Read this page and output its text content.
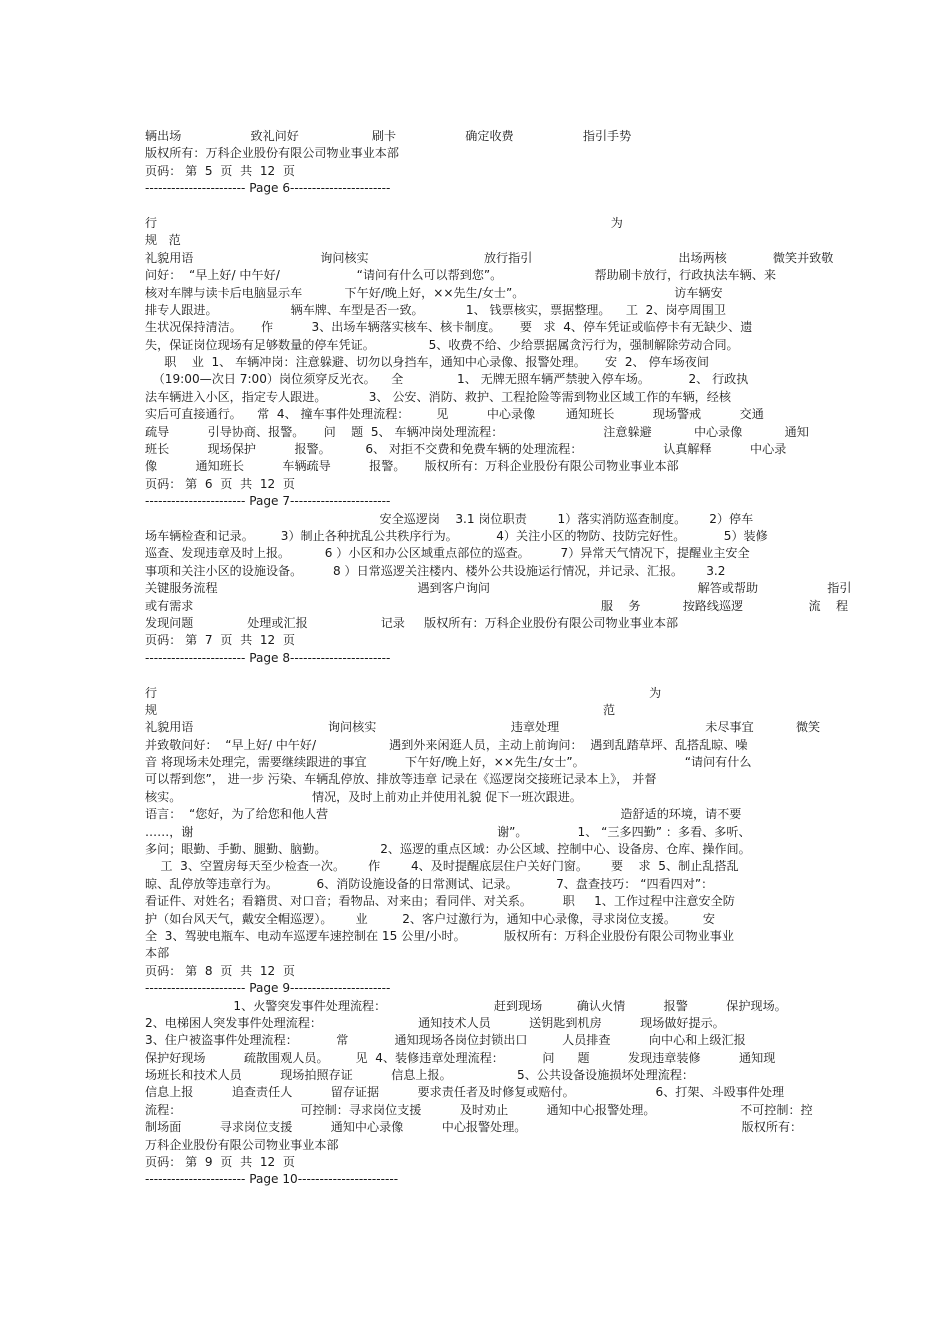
辆出场                  致礼问好                   刷卡                  确定收费                  指引手势
版权所有：万科企业股份有限公司物业事业本部
页码： 第  5  页  共  12  页
----------------------- Page 6-----------------------
行                                                                                                                      为
规   范
礼貌用语                                 询问核实                              放行指引                                      出场两核            微笑并致敬
问好：  “早上好/ 中午好/                    “请问有什么可以帮到您”。                        帮助刷卡放行，行政执法车辆、来
核对车牌与读卡后电脑显示车           下午好/晚上好，××先生/女士”。                                       访车辆安
排专人跟进。                   辆车牌、车型是否一致。           1、 钱票核实，票据整理。    工  2、岗亭周围卫
生状况保持清洁。     作          3、出场车辆落实核车、核卡制度。     要   求  4、停车凭证或临停卡有无缺少、遗
失，保证岗位现场有足够数量的停车凭证。              5、收费不给、少给票据属贪污行为，强制解除劳动合同。
职    业  1、 车辆冲岗：注意躲避、切勿以身挡车，通知中心录像、报警处理。     安  2、 停车场夜间
（19:00—次日 7:00）岗位须穿反光衣。    全              1、 无牌无照车辆严禁驶入停车场。          2、 行政执
法车辆进入小区，指定专人跟进。           3、 公安、消防、救护、工程抢险等需到物业区域工作的车辆，经核
实后可直接通行。    常  4、 撞车事件处理流程：       见          中心录像        通知班长          现场警戒          交通
疏导          引导协商、报警。     问    题  5、 车辆冲岗处理流程：                          注意躲避           中心录像           通知
班长          现场保护          报警。         6、 对拒不交费和免费车辆的处理流程：                     认真解释          中心录
像          通知班长          车辆疏导          报警。     版权所有：万科企业股份有限公司物业事业本部
页码： 第  6  页  共  12  页
----------------------- Page 7-----------------------
安全巡逻岗    3.1 岗位职责        1）落实消防巡查制度。      2）停车
场车辆检查和记录。       3）制止各种扰乱公共秩序行为。          4）关注小区的物防、技防完好性。          5）装修
巡查、发现违章及时上报。         6 ）小区和办公区域重点部位的巡查。        7）异常天气情况下，提醒业主安全
事项和关注小区的设施设备。        8 ）日常巡逻关注楼内、楼外公共设施运行情况，并记录、汇报。      3.2
关键服务流程                                                    遇到客户询问                                                      解答或帮助                  指引
或有需求                                                                                                          服    务           按路线巡逻                 流    程
发现问题              处理或汇报                   记录     版权所有：万科企业股份有限公司物业事业本部
页码： 第  7  页  共  12  页
----------------------- Page 8-----------------------
行                                                                                                                                为
规                                                                                                                    范
礼貌用语                                   询问核实                                   违章处理                                      未尽事宜           微笑
并致敬问好：  “早上好/ 中午好/                   遇到外来闲逛人员，主动上前询问：  遇到乱踏草坪、乱搭乱晾、噪
音 将现场未处理完，需要继续跟进的事宜          下午好/晚上好，××先生/女士”。                          “请问有什么
可以帮到您”， 进一步 污染、车辆乱停放、排放等违章 记录在《巡逻岗交接班记录本上》， 并督
核实。                                  情况，及时上前劝止并使用礼貌 促下一班次跟进。
语言：  “您好，为了给您和他人营                                                                            造舒适的环境，请不要
……，谢                                                                               谢”。             1、 “三多四勤” ：多看、多听、
多问；眼勤、手勤、腿勤、脑勤。              2、巡逻的重点区域：办公区域、控制中心、设备房、仓库、操作间。
工  3、空置房每天至少检查一次。      作        4、及时提醒底层住户关好门窗。      要    求  5、制止乱搭乱
晾、乱停放等违章行为。          6、消防设施设备的日常测试、记录。          7、盘查技巧： “四看四对”：
看证件、对姓名；看籍贯、对口音；看物品、对来由；看同伴、对关系。        职     1、工作过程中注意安全防
护（如台风天气，戴安全帽巡逻）。      业         2、客户过激行为，通知中心录像，寻求岗位支援。       安
全  3、驾驶电瓶车、电动车巡逻车速控制在 15 公里/小时。          版权所有：万科企业股份有限公司物业事业
本部
页码： 第  8  页  共  12  页
----------------------- Page 9-----------------------
1、火警突发事件处理流程：                            赶到现场         确认火情          报警          保护现场。
2、电梯困人突发事件处理流程：                         通知技术人员          送钥匙到机房          现场做好提示。
3、住户被盗事件处理流程：          常            通知现场各岗位封锁出口         人员排查          向中心和上级汇报
保护好现场          疏散围观人员。       见  4、装修违章处理流程：          问      题          发现违章装修          通知现
场班长和技术人员          现场拍照存证          信息上报。                 5、公共设备设施损坏处理流程：
信息上报          追查责任人          留存证据          要求责任者及时修复或赔付。                     6、打架、斗殴事件处理
流程：                               可控制：寻求岗位支援          及时劝止          通知中心报警处理。                      不可控制：控
制场面          寻求岗位支援          通知中心录像          中心报警处理。                                                        版权所有：
万科企业股份有限公司物业事业本部
页码： 第  9  页  共  12  页
----------------------- Page 10-----------------------
